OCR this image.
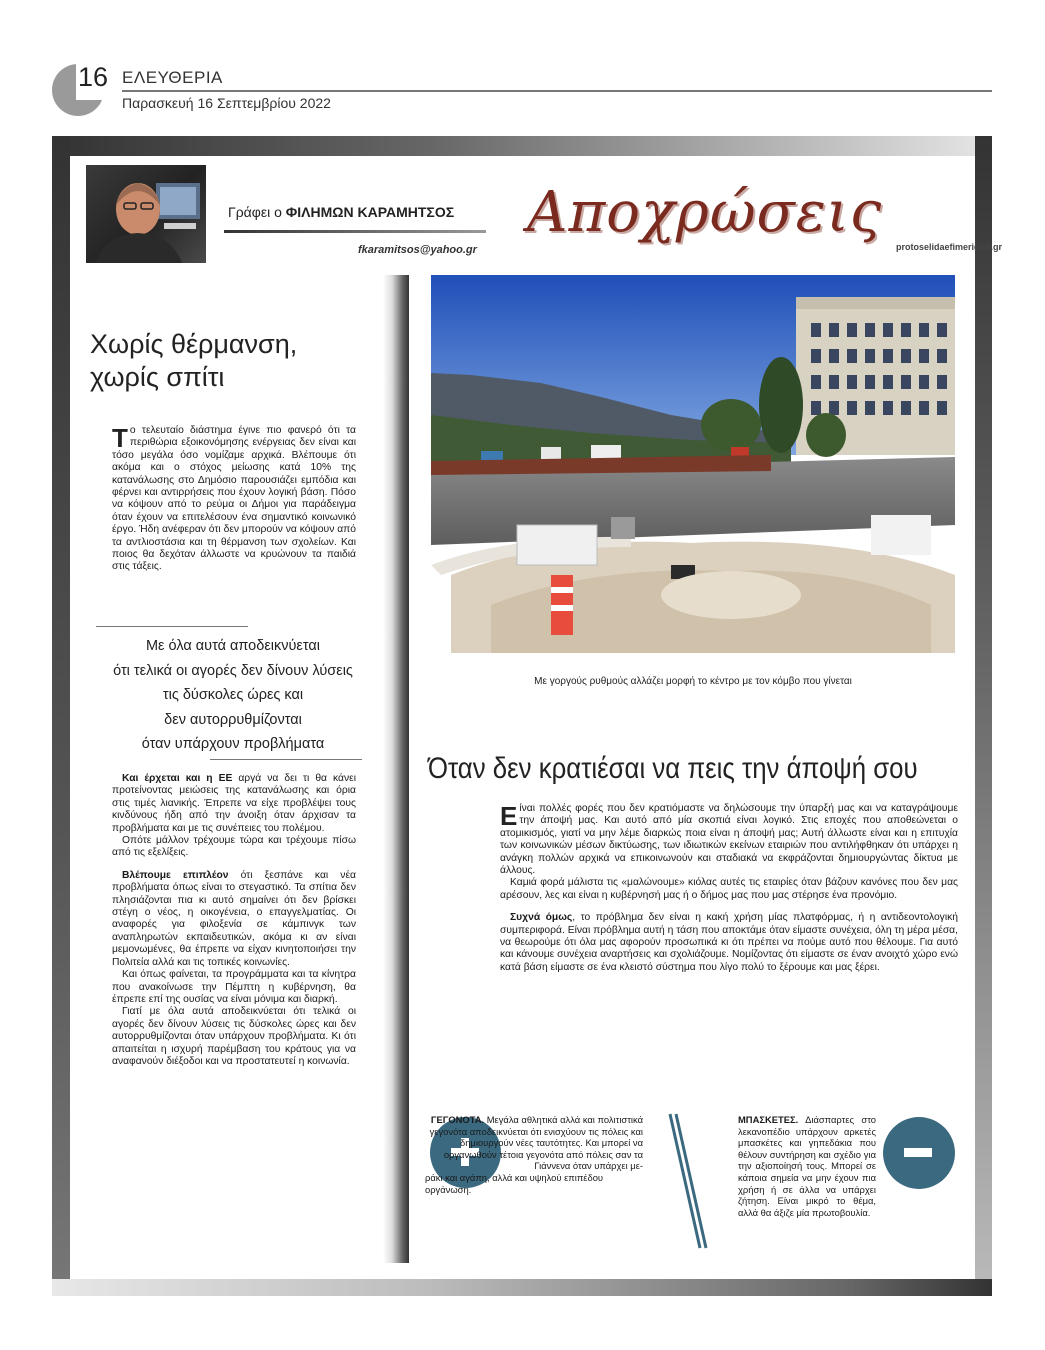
16 ΕΛΕΥΘΕΡΙΑ
Παρασκευή 16 Σεπτεμβρίου 2022
Γράφει ο ΦΙΛΗΜΩΝ ΚΑΡΑΜΗΤΣΟΣ
fkaramitsos@yahoo.gr
Αποχρώσεις
protoselidaefimeridon.gr
Χωρίς θέρμανση,
χωρίς σπίτι

Το τελευταίο διάστημα έγινε πιο φανερό ότι τα περιθώρια εξοικονόμησης ενέργειας δεν είναι και τόσο μεγάλα όσο νομίζαμε αρχικά. Βλέπουμε ότι ακόμα και ο στόχος μείωσης κατά 10% της κατανάλωσης στο Δημόσιο παρουσιάζει εμπόδια και φέρνει και αντιρρήσεις που έχουν λογική βάση. Πόσο να κόψουν από το ρεύμα οι Δήμοι για παράδειγμα όταν έχουν να επιτελέσουν ένα σημαντικό κοινωνικό έργο. Ήδη ανέφεραν ότι δεν μπορούν να κόψουν από τα αντλιοστάσια και τη θέρμανση των σχολείων. Και ποιος θα δεχόταν άλλωστε να κρυώνουν τα παιδιά στις τάξεις.

Με όλα αυτά αποδεικνύεται
ότι τελικά οι αγορές δεν δίνουν λύσεις
τις δύσκολες ώρες και
δεν αυτορρυθμίζονται
όταν υπάρχουν προβλήματα

Και έρχεται και η ΕΕ αργά να δει τι θα κάνει προτείνοντας μειώσεις της κατανάλωσης και όρια στις τιμές λιανικής. Έπρεπε να είχε προβλέψει τους κινδύνους ήδη από την άνοιξη όταν άρχισαν τα προβλήματα και με τις συνέπειες του πολέμου.

Οπότε μάλλον τρέχουμε τώρα και τρέχουμε πίσω από τις εξελίξεις.

Βλέπουμε επιπλέον ότι ξεσπάνε και νέα προβλήματα όπως είναι το στεγαστικό. Τα σπίτια δεν πλησιάζονται πια κι αυτό σημαίνει ότι δεν βρίσκει στέγη ο νέος, η οικογένεια, ο επαγγελματίας. Οι αναφορές για φιλοξενία σε κάμπινγκ των αναπληρωτών εκπαιδευτικών, ακόμα κι αν είναι μεμονωμένες, θα έπρεπε να είχαν κινητοποιήσει την Πολιτεία αλλά και τις τοπικές κοινωνίες.

Και όπως φαίνεται, τα προγράμματα και τα κίνητρα που ανακοίνωσε την Πέμπτη η κυβέρνηση, θα έπρεπε επί της ουσίας να είναι μόνιμα και διαρκή.

Γιατί με όλα αυτά αποδεικνύεται ότι τελικά οι αγορές δεν δίνουν λύσεις τις δύσκολες ώρες και δεν αυτορρυθμίζονται όταν υπάρχουν προβλήματα. Κι ότι απαιτείται η ισχυρή παρέμβαση του κράτους για να αναφανούν διέξοδοι και να προστατευτεί η κοινωνία.

Με γοργούς ρυθμούς αλλάζει μορφή το κέντρο με τον κόμβο που γίνεται
Όταν δεν κρατιέσαι να πεις την άποψή σου

Είναι πολλές φορές που δεν κρατιόμαστε να δηλώσουμε την ύπαρξή μας και να καταγράψουμε την άποψή μας. Και αυτό από μία σκοπιά είναι λογικό. Στις εποχές που αποθεώνεται ο ατομικισμός, γιατί να μην λέμε διαρκώς ποια είναι η άποψή μας; Αυτή άλλωστε είναι και η επιτυχία των κοινωνικών μέσων δικτύωσης, των ιδιωτικών εκείνων εταιριών που αντιλήφθηκαν ότι υπάρχει η ανάγκη πολλών αρχικά να επικοινωνούν και σταδιακά να εκφράζονται δημιουργώντας δίκτυα με άλλους.

Καμιά φορά μάλιστα τις «μαλώνουμε» κιόλας αυτές τις εταιρίες όταν βάζουν κανόνες που δεν μας αρέσουν, λες και είναι η κυβέρνησή μας ή ο δήμος μας που μας στέρησε ένα προνόμιο.

Συχνά όμως, το πρόβλημα δεν είναι η κακή χρήση μίας πλατφόρμας, ή η αντιδεοντολογική συμπεριφορά. Είναι πρόβλημα αυτή η τάση που αποκτάμε όταν είμαστε συνέχεια, όλη τη μέρα μέσα, να θεωρούμε ότι όλα μας αφορούν προσωπικά κι ότι πρέπει να πούμε αυτό που θέλουμε. Για αυτό και κάνουμε συνέχεια αναρτήσεις και σχολιάζουμε. Νομίζοντας ότι είμαστε σε έναν ανοιχτό χώρο ενώ κατά βάση είμαστε σε ένα κλειστό σύστημα που λίγο πολύ το ξέρουμε και μας ξέρει.

ΓΕΓΟΝΟΤΑ. Μεγάλα αθλητικά αλλά και πολιτιστικά γεγονότα αποδεικνύεται ότι ενισχύουν τις πόλεις και δημιουργούν νέες ταυτότητες. Και μπορεί να οργανωθούν τέτοια γεγονότα από πόλεις σαν τα Γιάννενα όταν υπάρχει με-
ράκι και αγάπη, αλλά και υψηλού επιπέδου οργάνωση.
ΜΠΑΣΚΕΤΕΣ. Διάσπαρτες στο λεκανοπέδιο υπάρχουν αρκετές μπασκέτες και γηπεδάκια που θέλουν συντήρηση και σχέδιο για την αξιοποίησή τους. Μπορεί σε κάποια σημεία να μην έχουν πια χρήση ή σε άλλα να υπάρχει ζήτηση. Είναι μικρό το θέμα, αλλά θα άξιζε μία πρωτοβουλία.
